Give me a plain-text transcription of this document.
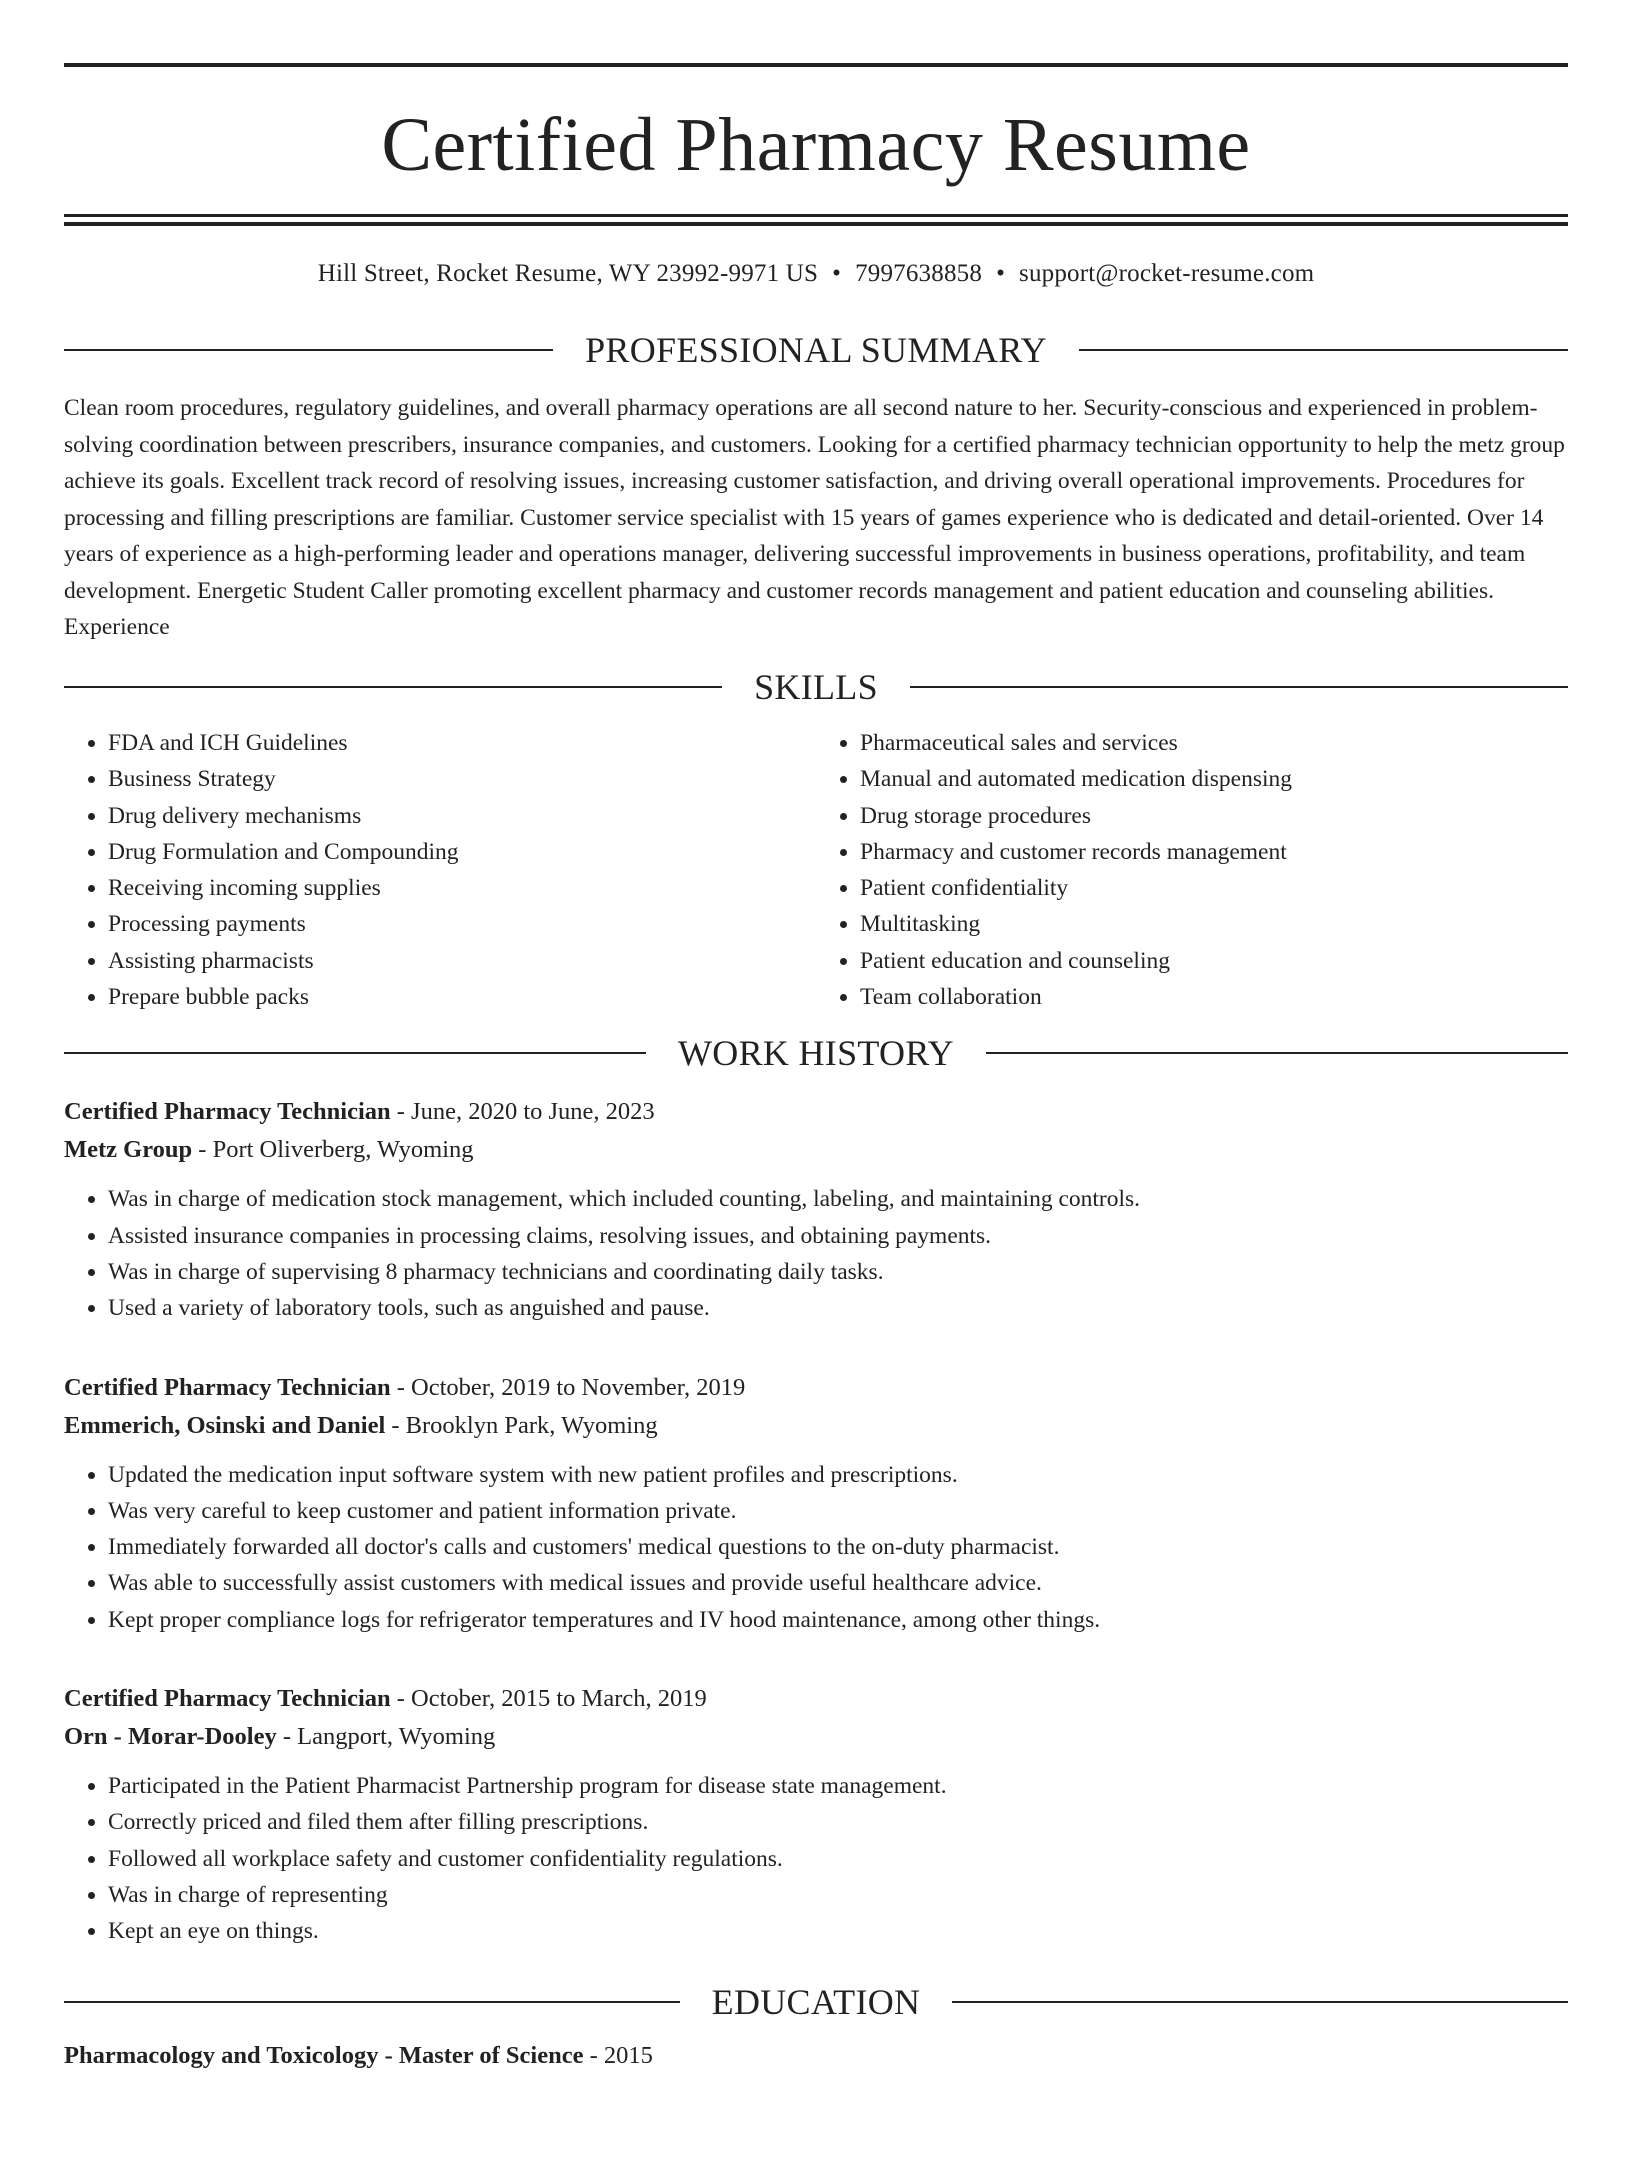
Certified Pharmacy Resume
Hill Street, Rocket Resume, WY 23992-9971 US • 7997638858 • support@rocket-resume.com
PROFESSIONAL SUMMARY

Clean room procedures, regulatory guidelines, and overall pharmacy operations are all second nature to her. Security-conscious and experienced in problem-solving coordination between prescribers, insurance companies, and customers. Looking for a certified pharmacy technician opportunity to help the metz group achieve its goals. Excellent track record of resolving issues, increasing customer satisfaction, and driving overall operational improvements. Procedures for processing and filling prescriptions are familiar. Customer service specialist with 15 years of games experience who is dedicated and detail-oriented. Over 14 years of experience as a high-performing leader and operations manager, delivering successful improvements in business operations, profitability, and team development. Energetic Student Caller promoting excellent pharmacy and customer records management and patient education and counseling abilities. Experience

SKILLS
• FDA and ICH Guidelines
• Business Strategy
• Drug delivery mechanisms
• Drug Formulation and Compounding
• Receiving incoming supplies
• Processing payments
• Assisting pharmacists
• Prepare bubble packs
• Pharmaceutical sales and services
• Manual and automated medication dispensing
• Drug storage procedures
• Pharmacy and customer records management
• Patient confidentiality
• Multitasking
• Patient education and counseling
• Team collaboration
WORK HISTORY
Certified Pharmacy Technician - June, 2020 to June, 2023
Metz Group - Port Oliverberg, Wyoming
• Was in charge of medication stock management, which included counting, labeling, and maintaining controls.
• Assisted insurance companies in processing claims, resolving issues, and obtaining payments.
• Was in charge of supervising 8 pharmacy technicians and coordinating daily tasks.
• Used a variety of laboratory tools, such as anguished and pause.
Certified Pharmacy Technician - October, 2019 to November, 2019
Emmerich, Osinski and Daniel - Brooklyn Park, Wyoming
• Updated the medication input software system with new patient profiles and prescriptions.
• Was very careful to keep customer and patient information private.
• Immediately forwarded all doctor's calls and customers' medical questions to the on-duty pharmacist.
• Was able to successfully assist customers with medical issues and provide useful healthcare advice.
• Kept proper compliance logs for refrigerator temperatures and IV hood maintenance, among other things.
Certified Pharmacy Technician - October, 2015 to March, 2019
Orn - Morar-Dooley - Langport, Wyoming
• Participated in the Patient Pharmacist Partnership program for disease state management.
• Correctly priced and filed them after filling prescriptions.
• Followed all workplace safety and customer confidentiality regulations.
• Was in charge of representing
• Kept an eye on things.
EDUCATION
Pharmacology and Toxicology - Master of Science - 2015
